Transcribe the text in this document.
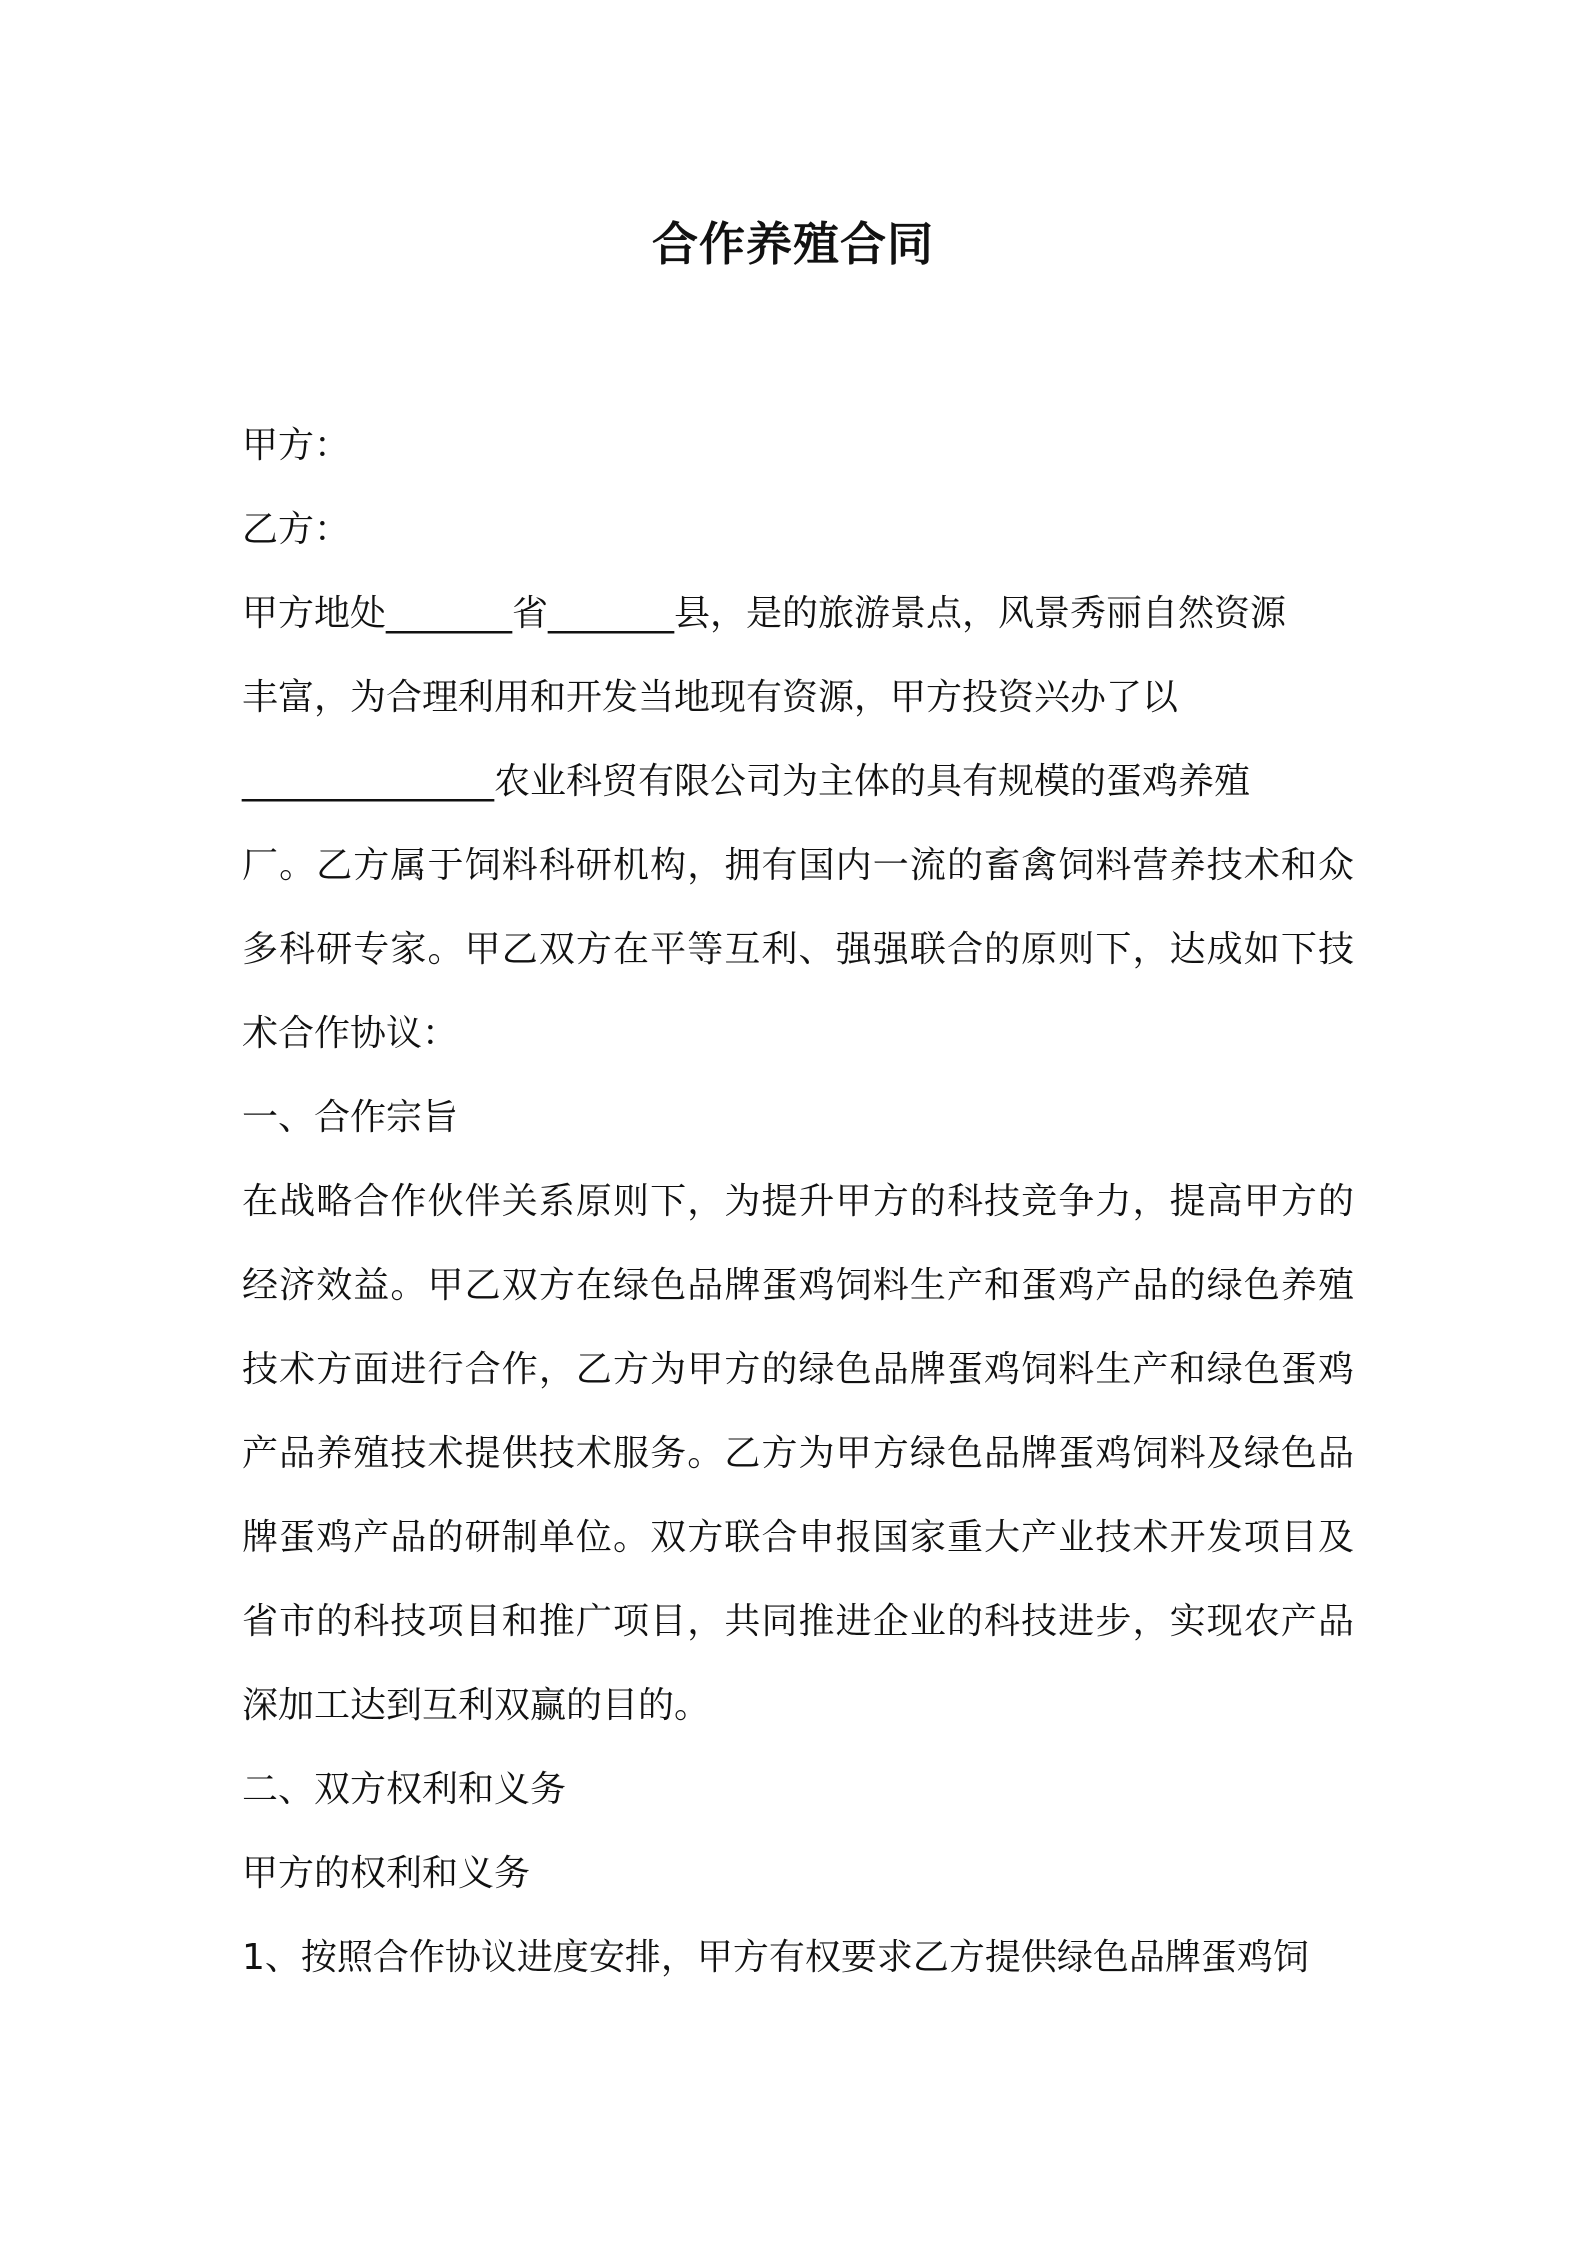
合作养殖合同

甲方：

乙方：

甲方地处_______省_______县，是的旅游景点，风景秀丽自然资源

丰富，为合理利用和开发当地现有资源，甲方投资兴办了以

______________农业科贸有限公司为主体的具有规模的蛋鸡养殖

厂。乙方属于饲料科研机构，拥有国内一流的畜禽饲料营养技术和众多科研专家。甲乙双方在平等互利、强强联合的原则下，达成如下技术合作协议：

一、合作宗旨

在战略合作伙伴关系原则下，为提升甲方的科技竞争力，提高甲方的经济效益。甲乙双方在绿色品牌蛋鸡饲料生产和蛋鸡产品的绿色养殖技术方面进行合作，乙方为甲方的绿色品牌蛋鸡饲料生产和绿色蛋鸡产品养殖技术提供技术服务。乙方为甲方绿色品牌蛋鸡饲料及绿色品牌蛋鸡产品的研制单位。双方联合申报国家重大产业技术开发项目及省市的科技项目和推广项目，共同推进企业的科技进步，实现农产品深加工达到互利双赢的目的。

二、双方权利和义务

甲方的权利和义务

1、按照合作协议进度安排，甲方有权要求乙方提供绿色品牌蛋鸡饲
